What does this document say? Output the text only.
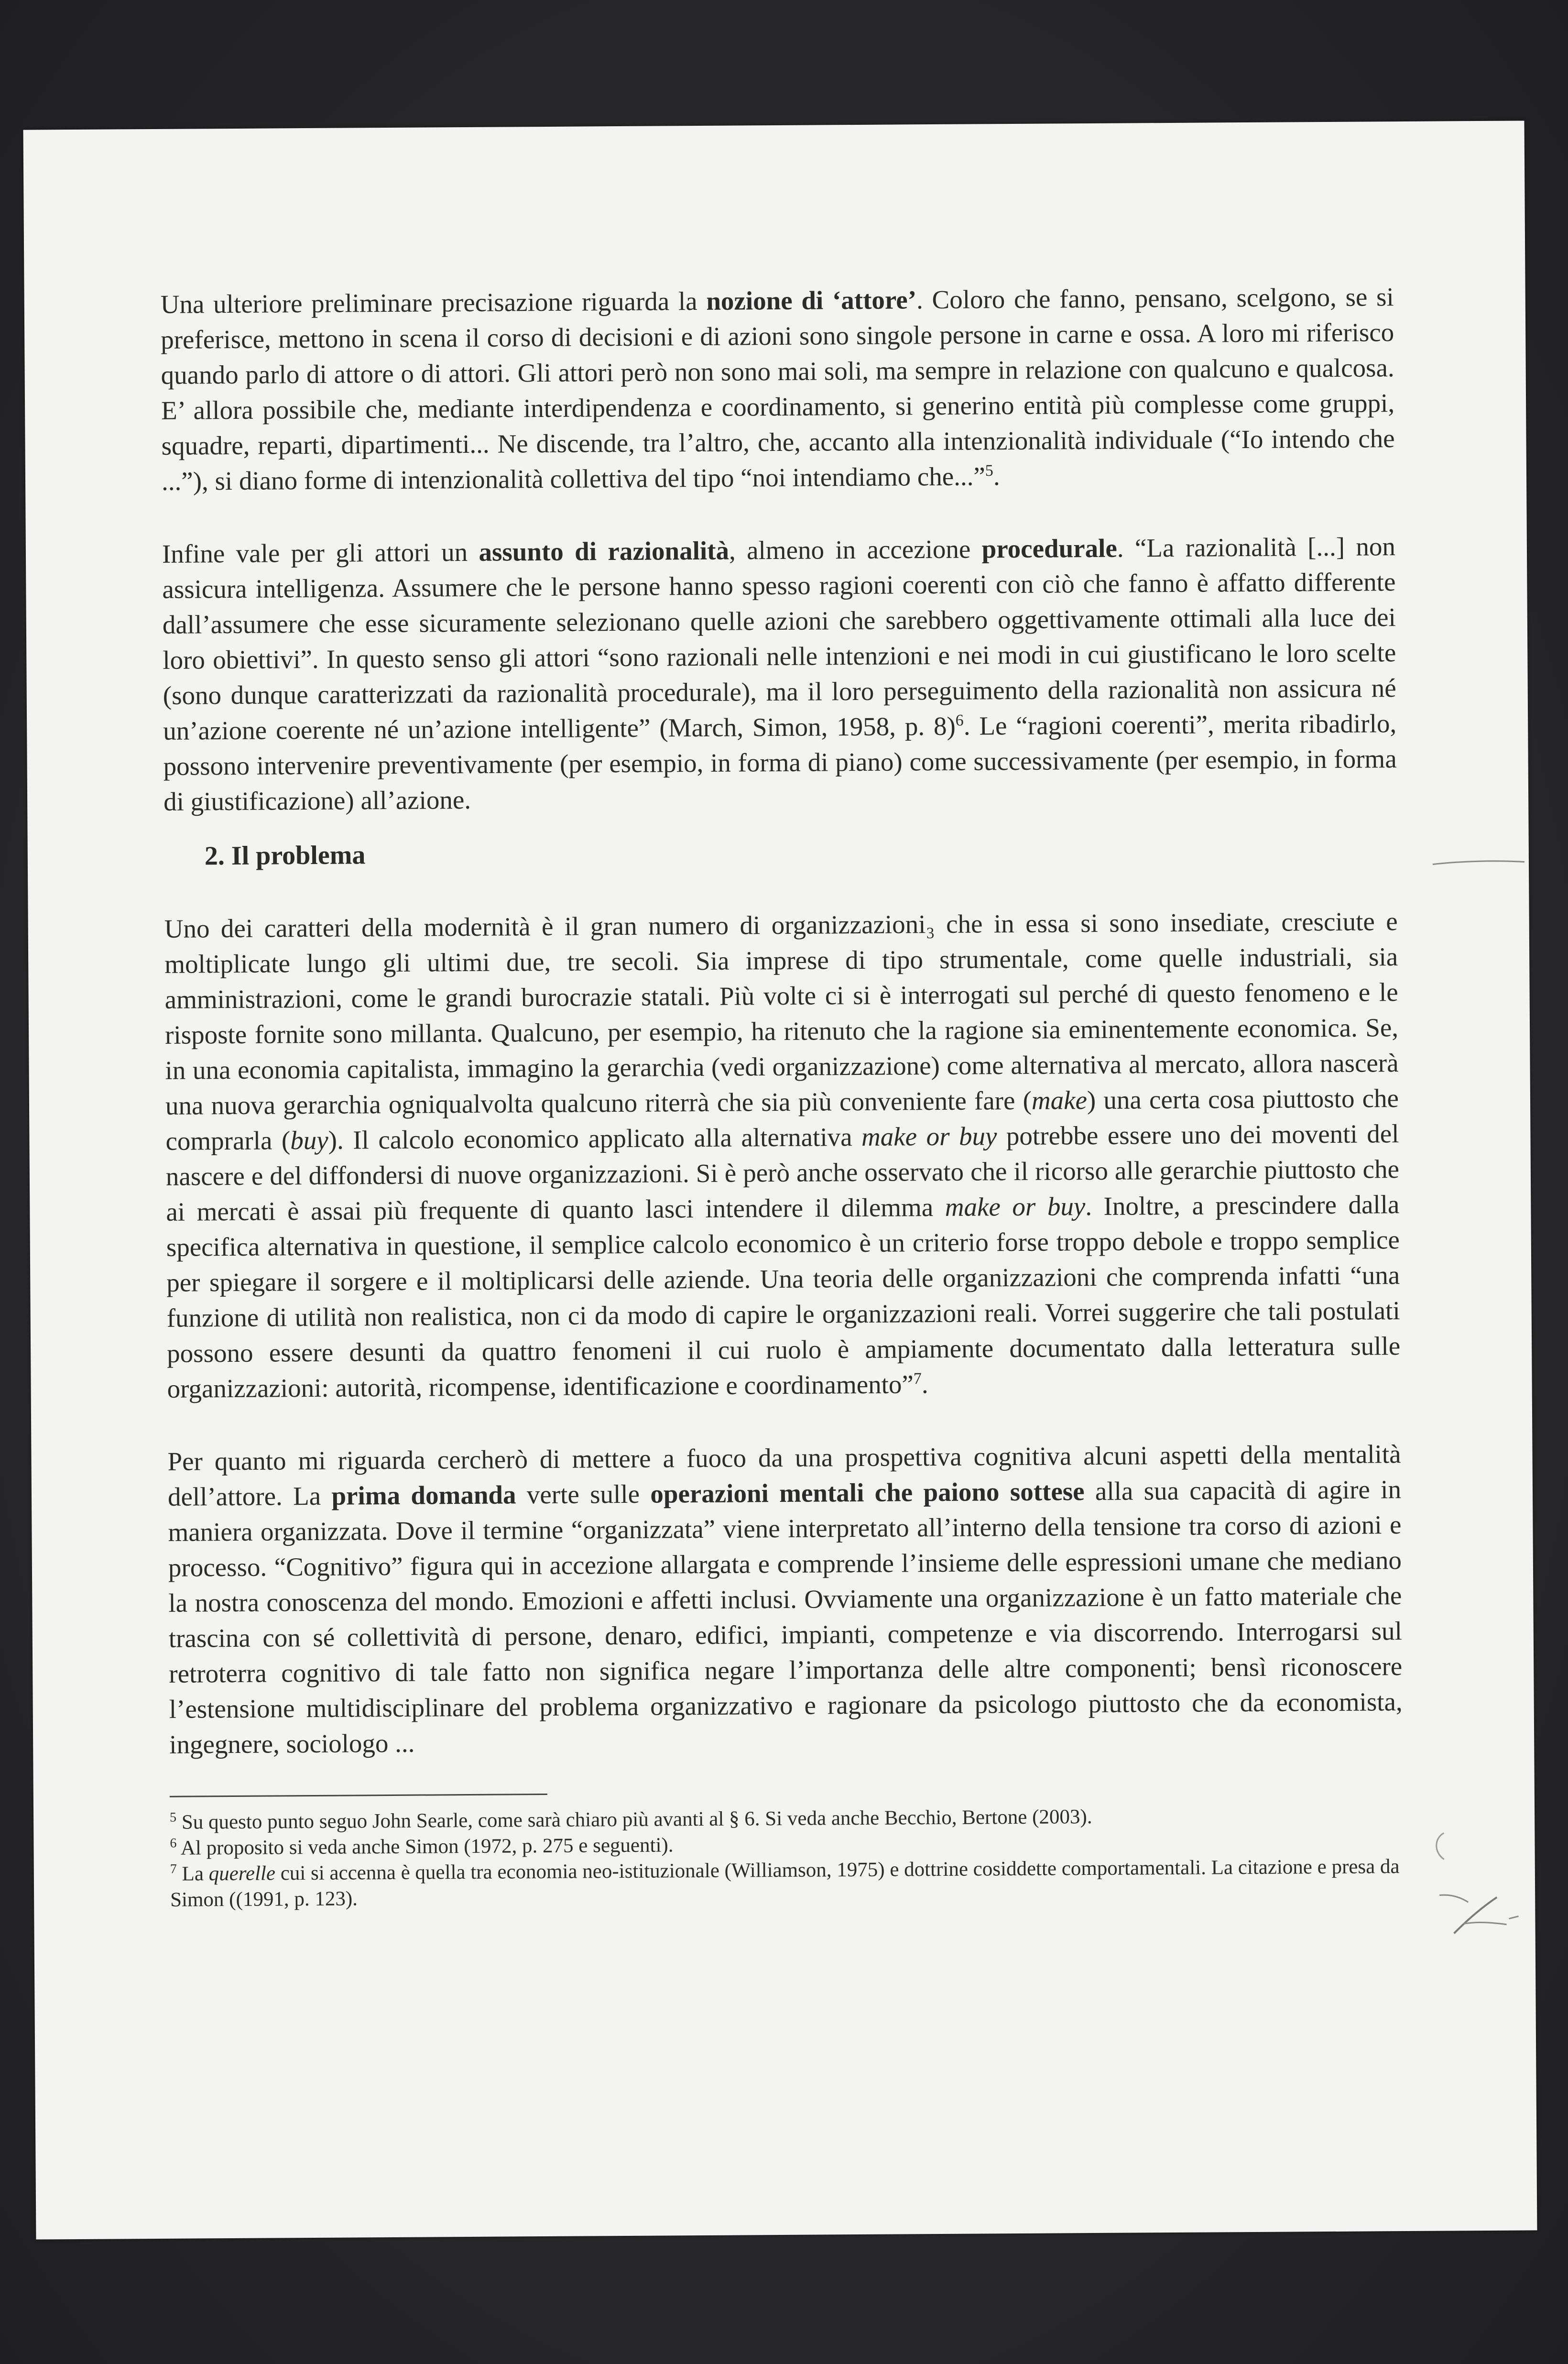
Una ulteriore preliminare precisazione riguarda la nozione di ‘attore’. Coloro che fanno, pensano, scelgono, se si preferisce, mettono in scena il corso di decisioni e di azioni sono singole persone in carne e ossa. A loro mi riferisco quando parlo di attore o di attori. Gli attori però non sono mai soli, ma sempre in relazione con qualcuno e qualcosa. E’ allora possibile che, mediante interdipendenza e coordinamento, si generino entità più complesse come gruppi, squadre, reparti, dipartimenti... Ne discende, tra l’altro, che, accanto alla intenzionalità individuale (“Io intendo che ...”), si diano forme di intenzionalità collettiva del tipo “noi intendiamo che...”$^5$.

Infine vale per gli attori un assunto di razionalità, almeno in accezione procedurale. “La razionalità [...] non assicura intelligenza. Assumere che le persone hanno spesso ragioni coerenti con ciò che fanno è affatto differente dall’assumere che esse sicuramente selezionano quelle azioni che sarebbero oggettivamente ottimali alla luce dei loro obiettivi”. In questo senso gli attori “sono razionali nelle intenzioni e nei modi in cui giustificano le loro scelte (sono dunque caratterizzati da razionalità procedurale), ma il loro perseguimento della razionalità non assicura né un’azione coerente né un’azione intelligente” (March, Simon, 1958, p. 8)$^6$. Le “ragioni coerenti”, merita ribadirlo, possono intervenire preventivamente (per esempio, in forma di piano) come successivamente (per esempio, in forma di giustificazione) all’azione.

2. Il problema

Uno dei caratteri della modernità è il gran numero di organizzazioni₃ che in essa si sono insediate, cresciute e moltiplicate lungo gli ultimi due, tre secoli. Sia imprese di tipo strumentale, come quelle industriali, sia amministrazioni, come le grandi burocrazie statali. Più volte ci si è interrogati sul perché di questo fenomeno e le risposte fornite sono millanta. Qualcuno, per esempio, ha ritenuto che la ragione sia eminentemente economica. Se, in una economia capitalista, immagino la gerarchia (vedi organizzazione) come alternativa al mercato, allora nascerà una nuova gerarchia ogniqualvolta qualcuno riterrà che sia più conveniente fare (make) una certa cosa piuttosto che comprarla (buy). Il calcolo economico applicato alla alternativa make or buy potrebbe essere uno dei moventi del nascere e del diffondersi di nuove organizzazioni. Si è però anche osservato che il ricorso alle gerarchie piuttosto che ai mercati è assai più frequente di quanto lasci intendere il dilemma make or buy. Inoltre, a prescindere dalla specifica alternativa in questione, il semplice calcolo economico è un criterio forse troppo debole e troppo semplice per spiegare il sorgere e il moltiplicarsi delle aziende. Una teoria delle organizzazioni che comprenda infatti “una funzione di utilità non realistica, non ci da modo di capire le organizzazioni reali. Vorrei suggerire che tali postulati possono essere desunti da quattro fenomeni il cui ruolo è ampiamente documentato dalla letteratura sulle organizzazioni: autorità, ricompense, identificazione e coordinamento”$^7$.

Per quanto mi riguarda cercherò di mettere a fuoco da una prospettiva cognitiva alcuni aspetti della mentalità dell’attore. La prima domanda verte sulle operazioni mentali che paiono sottese alla sua capacità di agire in maniera organizzata. Dove il termine “organizzata” viene interpretato all’interno della tensione tra corso di azioni e processo. “Cognitivo” figura qui in accezione allargata e comprende l’insieme delle espressioni umane che mediano la nostra conoscenza del mondo. Emozioni e affetti inclusi. Ovviamente una organizzazione è un fatto materiale che trascina con sé collettività di persone, denaro, edifici, impianti, competenze e via discorrendo. Interrogarsi sul retroterra cognitivo di tale fatto non significa negare l’importanza delle altre componenti; bensì riconoscere l’estensione multidisciplinare del problema organizzativo e ragionare da psicologo piuttosto che da economista, ingegnere, sociologo ...

$^5$ Su questo punto seguo John Searle, come sarà chiaro più avanti al § 6. Si veda anche Becchio, Bertone (2003).

$^6$ Al proposito si veda anche Simon (1972, p. 275 e seguenti).

$^7$ La querelle cui si accenna è quella tra economia neo-istituzionale (Williamson, 1975) e dottrine cosiddette comportamentali. La citazione e presa da Simon ((1991, p. 123).
